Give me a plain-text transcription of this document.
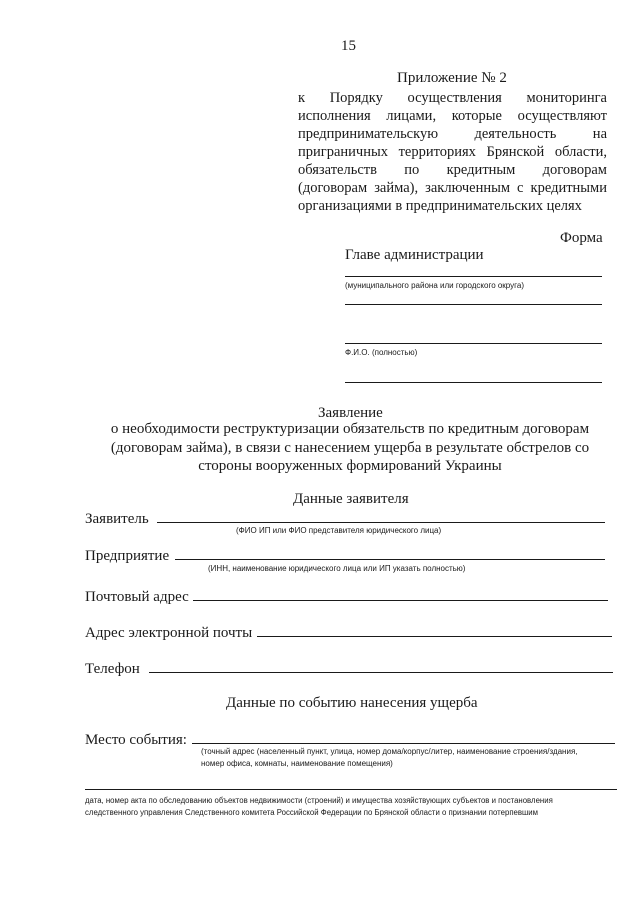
15
Приложение № 2
к Порядку осуществления мониторинга
исполнения лицами, которые осуществляют
предпринимательскую деятельность на
приграничных территориях Брянской области,
обязательств по кредитным договорам
(договорам займа), заключенным с кредитными
организациями в предпринимательских целях
Форма
Главе администрации
(муниципального района или городского округа)
Ф.И.О. (полностью)
Заявление
о необходимости реструктуризации обязательств по кредитным договорам
(договорам займа), в связи с нанесением ущерба в результате обстрелов со
стороны вооруженных формирований Украины
Данные заявителя
Заявитель
(ФИО ИП или ФИО представителя юридического лица)
Предприятие
(ИНН, наименование юридического лица или ИП указать полностью)
Почтовый адрес
Адрес электронной почты
Телефон
Данные по событию нанесения ущерба
Место события:
(точный адрес (населенный пункт, улица, номер дома/корпус/литер, наименование строения/здания,
номер офиса, комнаты, наименование помещения)
дата, номер акта по обследованию объектов недвижимости (строений) и имущества хозяйствующих субъектов и постановления
следственного управления Следственного комитета Российской Федерации по Брянской области о признании потерпевшим
